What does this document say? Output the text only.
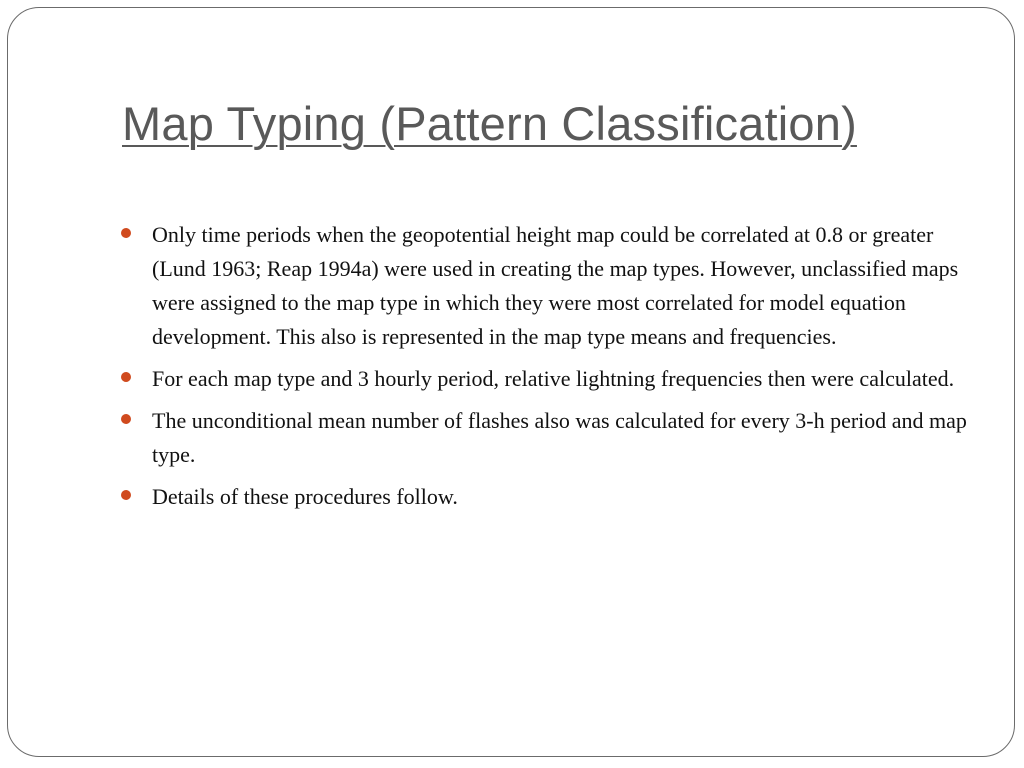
Map Typing (Pattern Classification)
Only time periods when the geopotential height map could be correlated at 0.8 or greater (Lund 1963; Reap 1994a) were used in creating the map types. However, unclassified maps were assigned to the map type in which they were most correlated for model equation development. This also is represented in the map type means and frequencies.
For each map type and 3 hourly period, relative lightning frequencies then were calculated.
The unconditional mean number of flashes also was calculated for every 3-h period and map type.
Details of these procedures follow.
